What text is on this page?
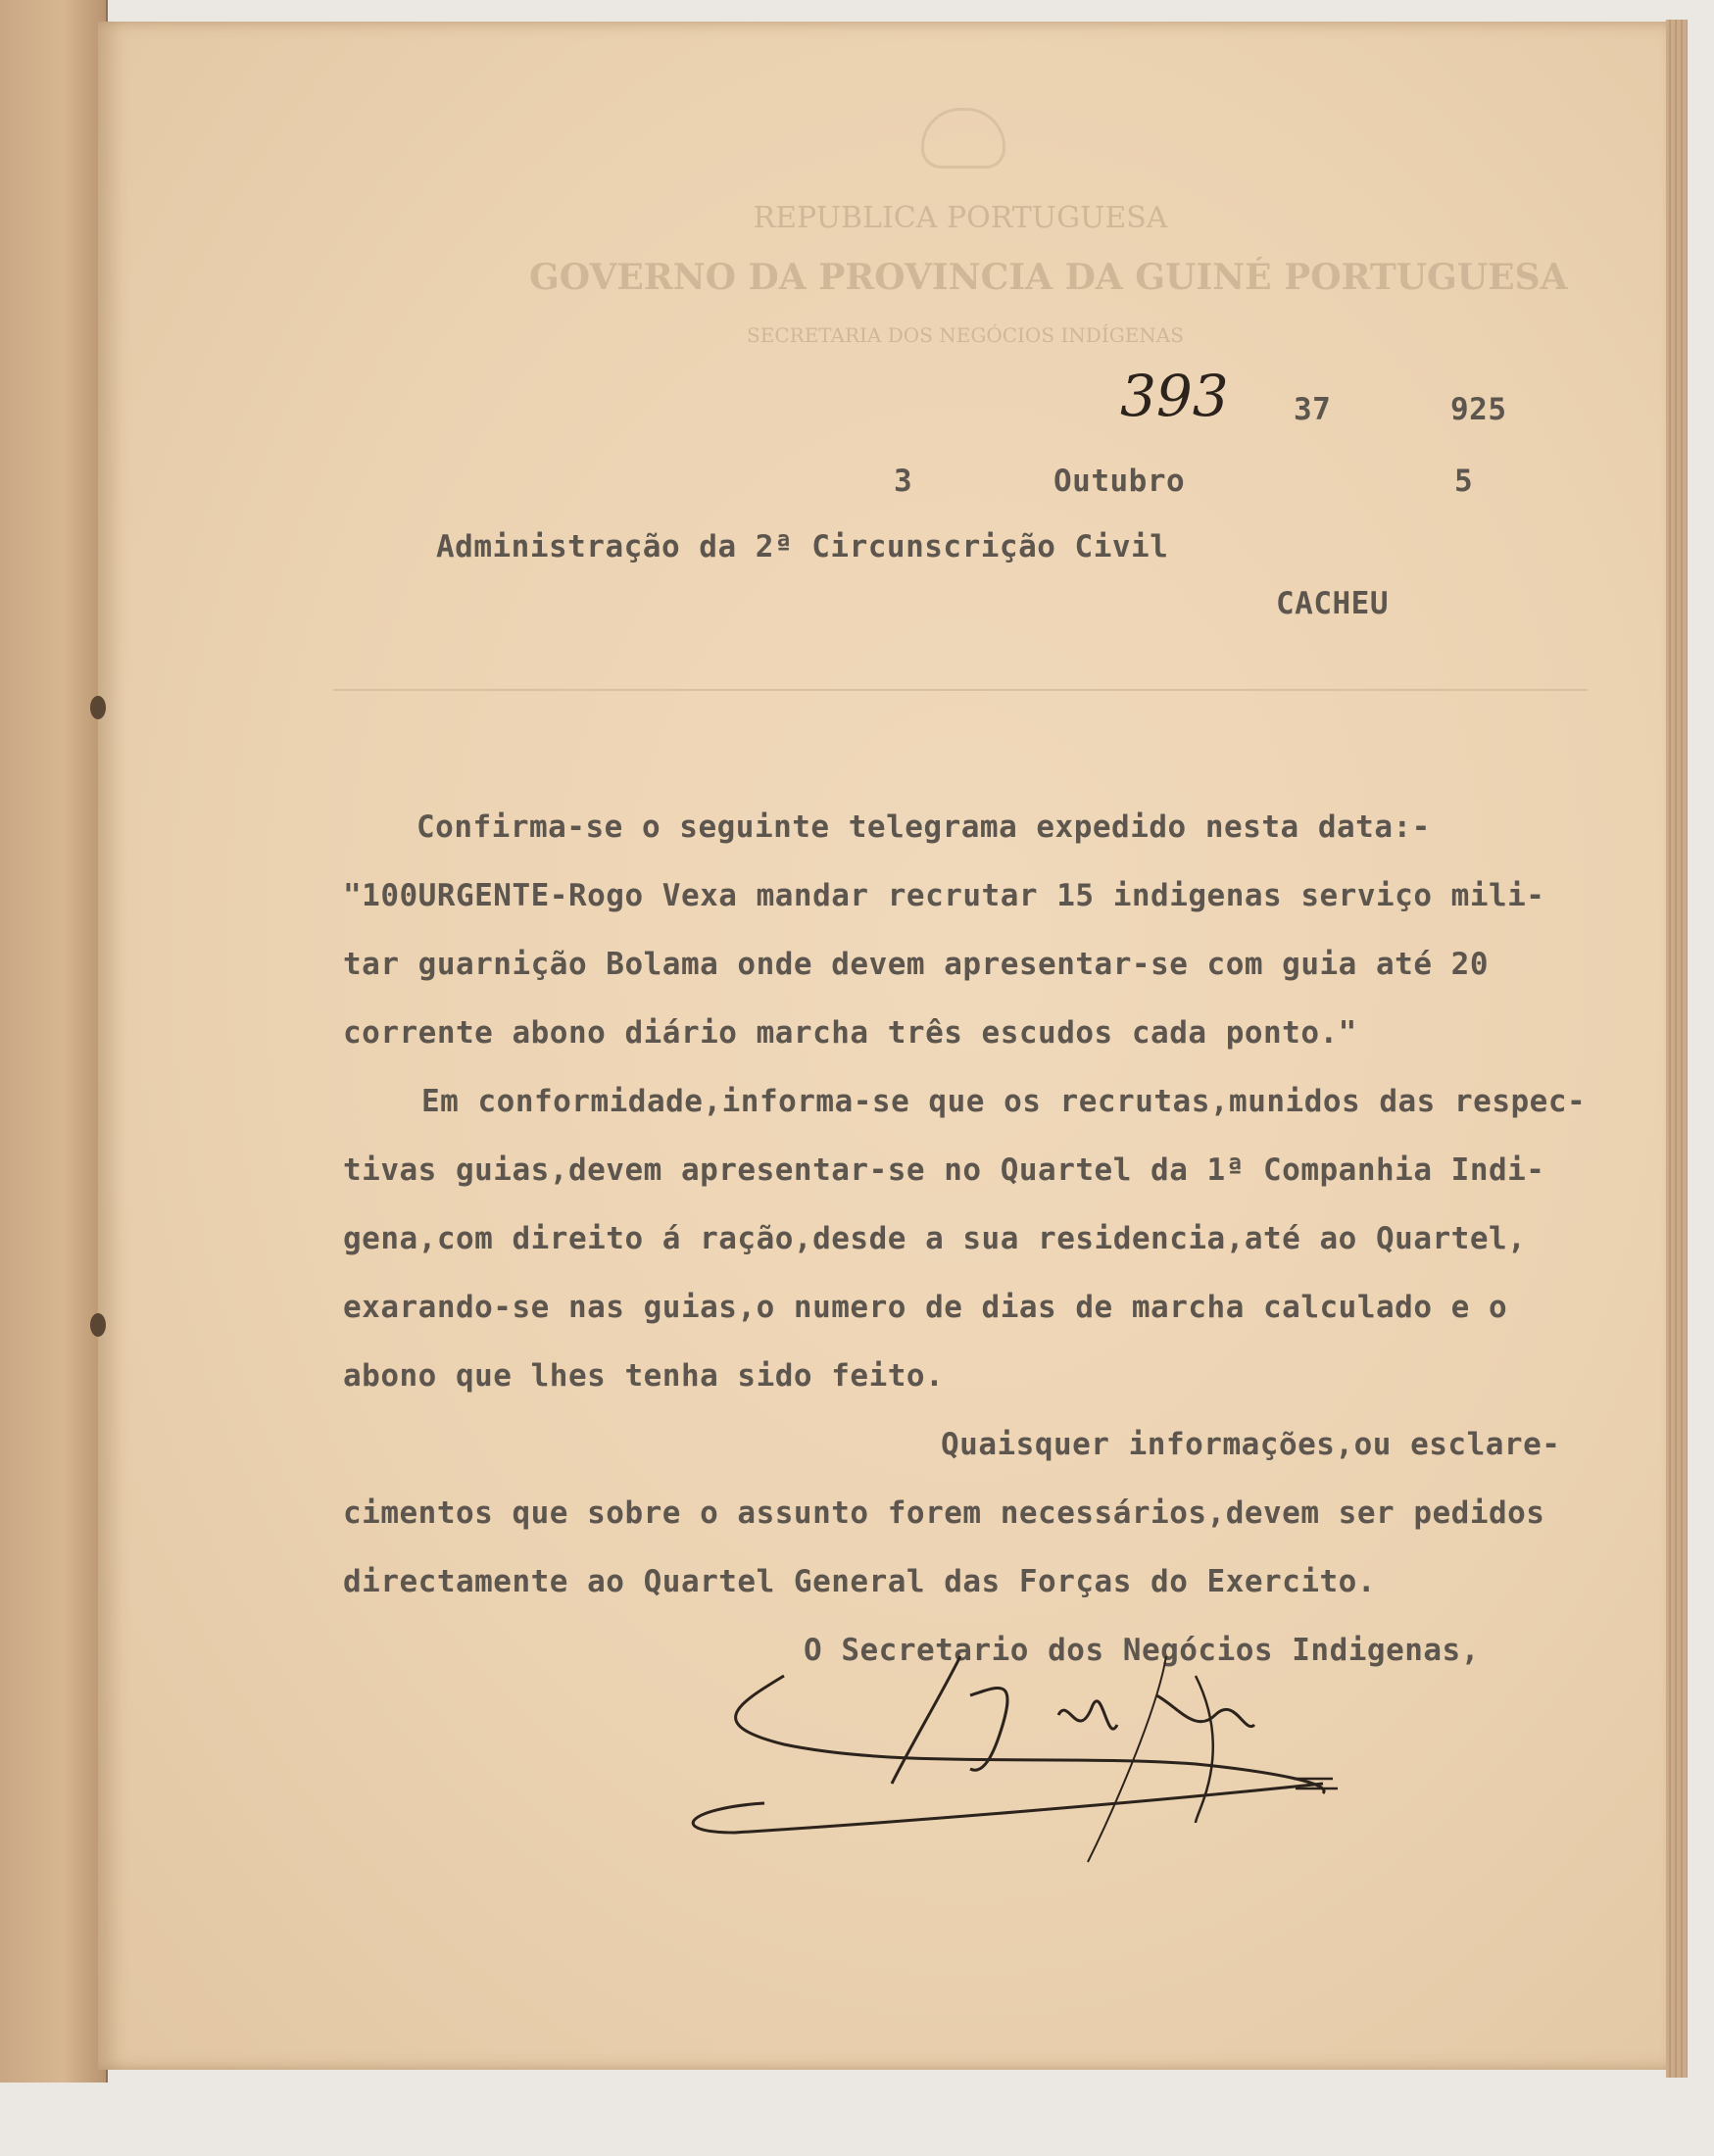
REPUBLICA PORTUGUESA
GOVERNO DA PROVINCIA DA GUINÉ PORTUGUESA
SECRETARIA DOS NEGÓCIOS INDÍGENAS
393 37	925
3	Outubro	5
Administração da 2ª Circunscrição Civil
CACHEU
Confirma-se o seguinte telegrama expedido nesta data:-
"100URGENTE-Rogo Vexa mandar recrutar 15 indigenas serviço mili-
tar guarnição Bolama onde devem apresentar-se com guia até 20
corrente abono diário marcha três escudos cada ponto."
Em conformidade,informa-se que os recrutas,munidos das respec-
tivas guias,devem apresentar-se no Quartel da 1ª Companhia Indi-
gena,com direito á ração,desde a sua residencia,até ao Quartel,
exarando-se nas guias,o numero de dias de marcha calculado e o
abono que lhes tenha sido feito.
Quaisquer informações,ou esclare-
cimentos que sobre o assunto forem necessários,devem ser pedidos
directamente ao Quartel General das Forças do Exercito.
O Secretario dos Negócios Indigenas,
